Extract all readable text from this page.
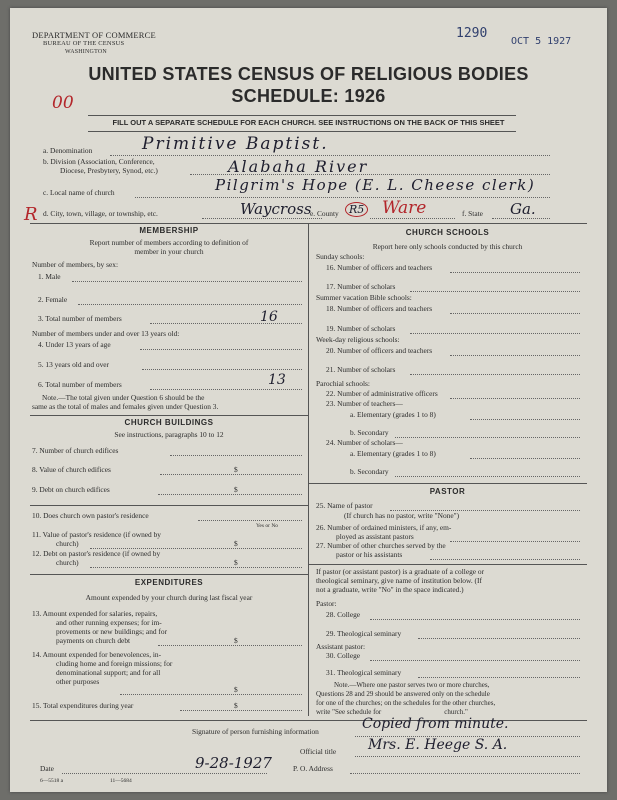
DEPARTMENT OF COMMERCE
BUREAU OF THE CENSUS
WASHINGTON
1290
OCT 5 1927
UNITED STATES CENSUS OF RELIGIOUS BODIES
SCHEDULE: 1926
00
FILL OUT A SEPARATE SCHEDULE FOR EACH CHURCH. SEE INSTRUCTIONS ON THE BACK OF THIS SHEET
a. Denomination	Primitive Baptist.
b. Division (Association, Conference,
Diocese, Presbytery, Synod, etc.)	Alabaha River
c. Local name of church	Pilgrim's Hope (E. L. Cheese clerk)
R d. City, town, village, or township, etc.	Waycross
e. County R5 Ware	f. State Ga.
MEMBERSHIP
Report number of members according to definition of
member in your church
Number of members, by sex:
1. Male
2. Female
3. Total number of members	16
Number of members under and over 13 years old:
4. Under 13 years of age
5. 13 years old and over
6. Total number of members	13
Note.—The total given under Question 6 should be the
same as the total of males and females given under Question 3.
CHURCH BUILDINGS
See instructions, paragraphs 10 to 12
7. Number of church edifices
8. Value of church edifices	$
9. Debt on church edifices	$
10. Does church own pastor's residence
Yes or No
11. Value of pastor's residence (if owned by
church)	$
12. Debt on pastor's residence (if owned by
church)	$
EXPENDITURES
Amount expended by your church during last fiscal year
13. Amount expended for salaries, repairs,
and other running expenses; for im-
provements or new buildings; and for
payments on church debt	$
14. Amount expended for benevolences, in-
cluding home and foreign missions; for
denominational support; and for all
other purposes
$
15. Total expenditures during year	$
CHURCH SCHOOLS
Report here only schools conducted by this church
Sunday schools:
16. Number of officers and teachers
17. Number of scholars
Summer vacation Bible schools:
18. Number of officers and teachers
19. Number of scholars
Week-day religious schools:
20. Number of officers and teachers
21. Number of scholars
Parochial schools:
22. Number of administrative officers
23. Number of teachers—
a. Elementary (grades 1 to 8)
b. Secondary
24. Number of scholars—
a. Elementary (grades 1 to 8)
b. Secondary
PASTOR
25. Name of pastor
(If church has no pastor, write "None")
26. Number of ordained ministers, if any, em-
ployed as assistant pastors
27. Number of other churches served by the
pastor or his assistants
If pastor (or assistant pastor) is a graduate of a college or
theological seminary, give name of institution below. (If
not a graduate, write "No" in the space indicated.)
Pastor:
28. College
29. Theological seminary
Assistant pastor:
30. College
31. Theological seminary
Note.—Where one pastor serves two or more churches,
Questions 28 and 29 should be answered only on the schedule
for one of the churches; on the schedules for the other churches,
write "See schedule for                                    church."
Signature of person furnishing information	Copied from minute.
Official title Mrs. E. Heege S. A.
Date	9-28-1927	P. O. Address
6—5518 a	11—5684
